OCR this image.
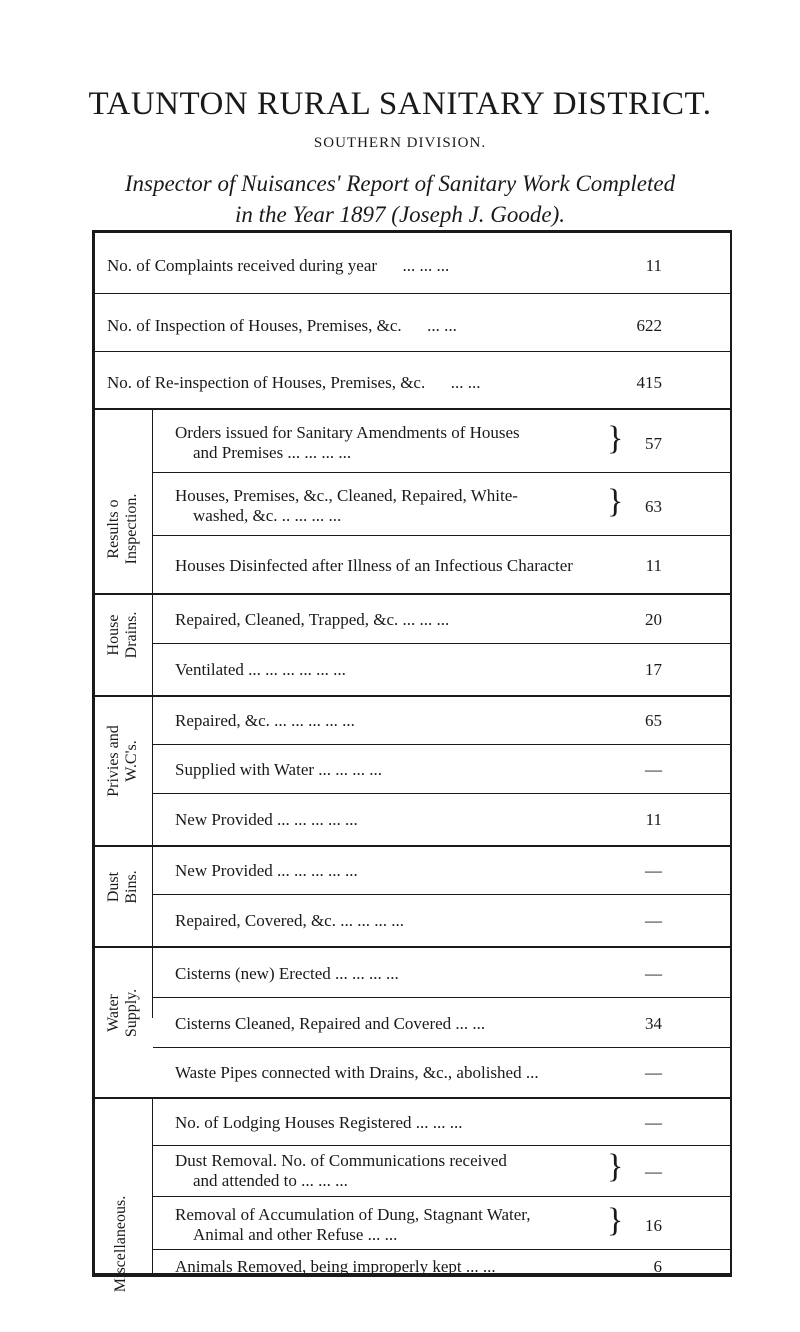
TAUNTON RURAL SANITARY DISTRICT.
SOUTHERN DIVISION.
Inspector of Nuisances' Report of Sanitary Work Completed
in the Year 1897 (Joseph J. Goode).
No. of Complaints received during year ... ... ...	11
No. of Inspection of Houses, Premises, &c. ... ...	622
No. of Re-inspection of Houses, Premises, &c. ... ...	415
Results o Inspection.
Orders issued for Sanitary Amendments of Houses
and Premises ... ... ... ...	}	57
Houses, Premises, &c., Cleaned, Repaired, White-
washed, &c. .. ... ... ...	}	63
Houses Disinfected after Illness of an Infectious Character	11
House Drains. Repaired, Cleaned, Trapped, &c. ... ... ...	20
Ventilated ... ... ... ... ... ...	17
Privies and W.C's.
Repaired, &c. ... ... ... ... ...	65
Supplied with Water ... ... ... ...	—
New Provided ... ... ... ... ...	11
Dust Bins. New Provided ... ... ... ... ...	—
Repaired, Covered, &c. ... ... ... ...	—
Water Supply.
Cisterns (new) Erected ... ... ... ...	—
Cisterns Cleaned, Repaired and Covered ... ...	34
Waste Pipes connected with Drains, &c., abolished ...	—
Miscellaneous.
No. of Lodging Houses Registered ... ... ...	—
Dust Removal. No. of Communications received
and attended to ... ... ...	}	—
Removal of Accumulation of Dung, Stagnant Water,
Animal and other Refuse ... ...	}	16
Animals Removed, being improperly kept ... ...	6
